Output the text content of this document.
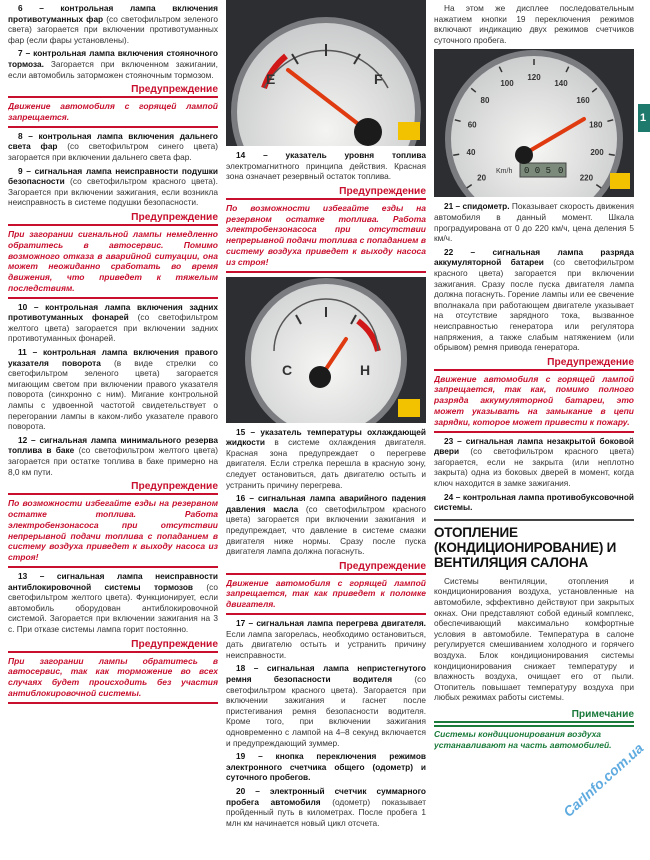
6 – контрольная лампа включения противотуманных фар (со светофильтром зеленого света) загорается при включении противотуманных фар (если фары установлены).

7 – контрольная лампа включения стояночного тормоза. Загорается при включенном зажигании, если автомобиль заторможен стояночным тормозом.

Предупреждение
Движение автомобиля с горящей лампой запрещается.

8 – контрольная лампа включения дальнего света фар (со светофильтром синего цвета) загорается при включении дальнего света фар.

9 – сигнальная лампа неисправности подушки безопасности (со светофильтром красного цвета). Загорается при включении зажигания, если возникла неисправность в системе подушки безопасности.

Предупреждение
При загорании сигнальной лампы немедленно обратитесь в автосервис. Помимо возможного отказа в аварийной ситуации, она может неожиданно сработать во время движения, что приведет к тяжелым последствиям.

10 – контрольная лампа включения задних противотуманных фонарей (со светофильтром желтого цвета) загорается при включении задних противотуманных фонарей.

11 – контрольная лампа включения правого указателя поворота (в виде стрелки со светофильтром зеленого цвета) загорается мигающим светом при включении правого указателя поворота (синхронно с ним). Мигание контрольной лампы с удвоенной частотой свидетельствует о перегорании лампы в каком-либо указателе правого поворота.

12 – сигнальная лампа минимального резерва топлива в баке (со светофильтром желтого цвета) загорается при остатке топлива в баке примерно на 8,0 км пути.

Предупреждение
По возможности избегайте езды на резервном остатке топлива. Работа электробензонасоса при отсутствии непрерывной подачи топлива с попаданием в систему воздуха приведет к выходу насоса из строя!

13 – сигнальная лампа неисправности антиблокировочной системы тормозов (со светофильтром желтого цвета). Функционирует, если автомобиль оборудован антиблокировочной системой. Загорается при включении зажигания на 3 с. При отказе системы лампа горит постоянно.

Предупреждение
При загорании лампы обратитесь в автосервис, так как торможение во всех случаях будет происходить без участия антиблокировочной системы.
E	F

14 – указатель уровня топлива электромагнитного принципа действия. Красная зона означает резервный остаток топлива.

Предупреждение
По возможности избегайте езды на резервном остатке топлива. Работа электробензонасоса при отсутствии непрерывной подачи топлива с попаданием в систему воздуха приведет к выходу насоса из строя!
C	H

15 – указатель температуры охлаждающей жидкости в системе охлаждения двигателя. Красная зона предупреждает о перегреве двигателя. Если стрелка перешла в красную зону, следует остановиться, дать двигателю остыть и устранить причину перегрева.

16 – сигнальная лампа аварийного падения давления масла (со светофильтром красного цвета) загорается при включении зажигания и предупреждает, что давление в системе смазки двигателя ниже нормы. Сразу после пуска двигателя лампа должна погаснуть.

Предупреждение
Движение автомобиля с горящей лампой запрещается, так как приведет к поломке двигателя.

17 – сигнальная лампа перегрева двигателя. Если лампа загорелась, необходимо остановиться, дать двигателю остыть и устранить причину неисправности.

18 – сигнальная лампа непристегнутого ремня безопасности водителя (со светофильтром красного цвета). Загорается при включении зажигания и гаснет после пристегивания ремня безопасности водителя. Кроме того, при включении зажигания одновременно с лампой на 4–8 секунд включается и предупреждающий зуммер.

19 – кнопка переключения режимов электронного счетчика общего (одометр) и суточного пробегов.

20 – электронный счетчик суммарного пробега автомобиля (одометр) показывает пройденный путь в километрах. После пробега 1 млн км начинается новый цикл отсчета.

На этом же дисплее последовательным нажатием кнопки 19 переключения режимов включают индикацию двух режимов счетчиков суточного пробега.

20
40
60
80
100
120
140
160
180
200
220
Km/h 0 0 5 0

21 – спидометр. Показывает скорость движения автомобиля в данный момент. Шкала проградуирована от 0 до 220 км/ч, цена деления 5 км/ч.

22 – сигнальная лампа разряда аккумуляторной батареи (со светофильтром красного цвета) загорается при включении зажигания. Сразу после пуска двигателя лампа должна погаснуть. Горение лампы или ее свечение вполнакала при работающем двигателе указывает на отсутствие зарядного тока, вызванное неисправностью генератора или регулятора напряжения, а также слабым натяжением (или обрывом) ремня привода генератора.

Предупреждение
Движение автомобиля с горящей лампой запрещается, так как, помимо полного разряда аккумуляторной батареи, это может указывать на замыкание в цепи зарядки, которое может привести к пожару.

23 – сигнальная лампа незакрытой боковой двери (со светофильтром красного цвета) загорается, если не закрыта (или неплотно закрыта) одна из боковых дверей в момент, когда ключ находится в замке зажигания.

24 – контрольная лампа противобуксовочной системы.

ОТОПЛЕНИЕ (КОНДИЦИОНИРОВАНИЕ) И ВЕНТИЛЯЦИЯ САЛОНА

Системы вентиляции, отопления и кондиционирования воздуха, установленные на автомобиле, эффективно действуют при закрытых окнах. Они представляют собой единый комплекс, обеспечивающий максимально комфортные условия в автомобиле. Температура в салоне регулируется смешиванием холодного и горячего воздуха. Блок кондиционирования системы кондиционирования снижает температуру и влажность воздуха, очищает его от пыли. Отопитель повышает температуру воздуха при любых режимах работы системы.

Примечание
Системы кондиционирования воздуха устанавливают на часть автомобилей.
1
CarInfo.com.ua
